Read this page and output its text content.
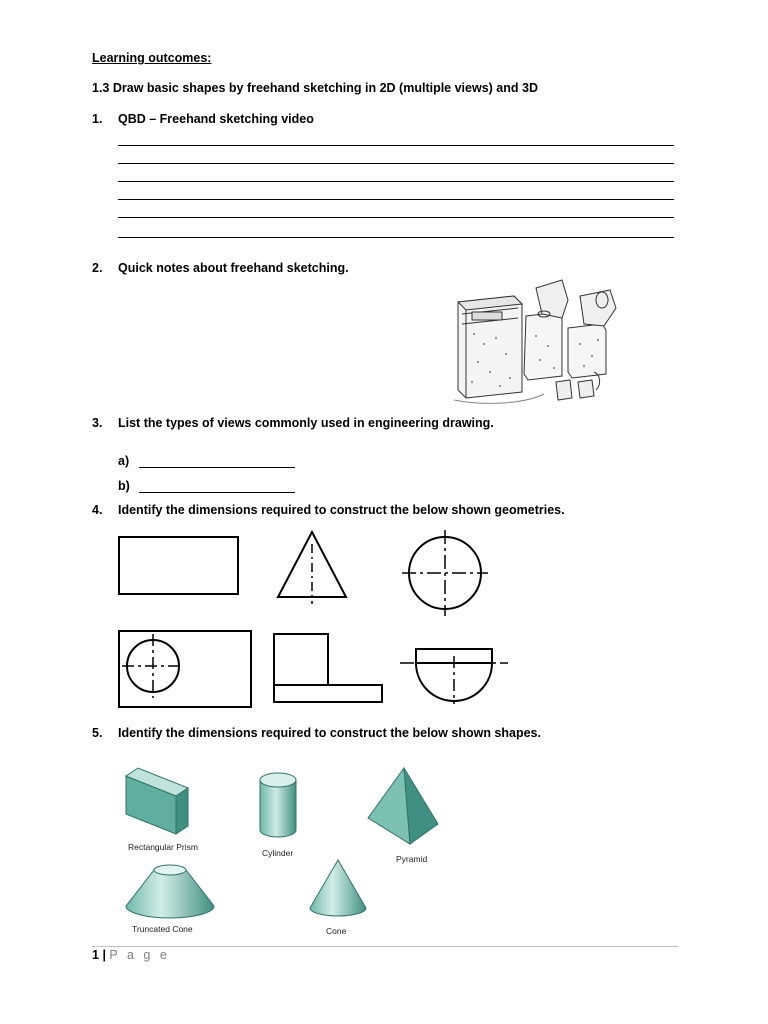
Learning outcomes:
1.3 Draw basic shapes by freehand sketching in 2D (multiple views) and 3D
1. QBD – Freehand sketching video
2. Quick notes about freehand sketching.
3. List the types of views commonly used in engineering drawing.
a)
b)
4. Identify the dimensions required to construct the below shown geometries.
5. Identify the dimensions required to construct the below shown shapes.
Rectangular Prism
Cylinder
Pyramid
Truncated Cone	Cone
1 | P a g e
